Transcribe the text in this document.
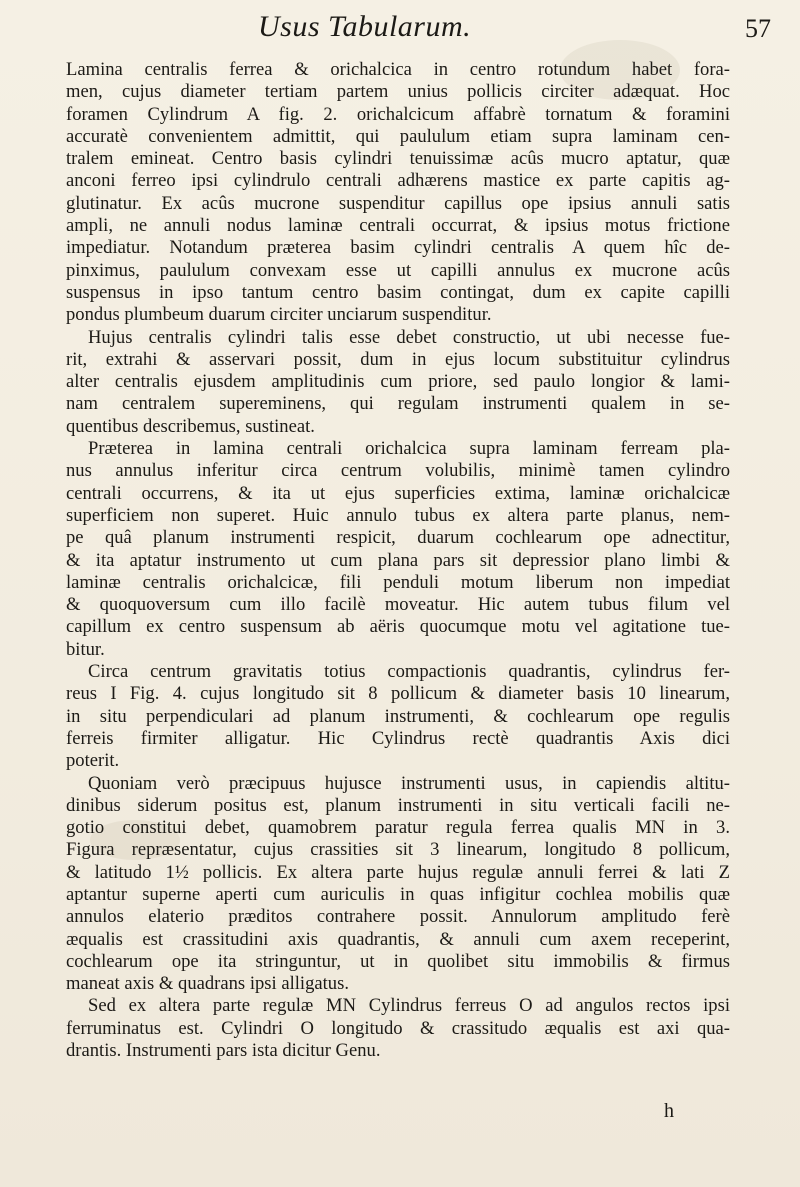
Usus Tabularum.	57
Lamina centralis ferrea & orichalcica in centro rotundum habet fora-
men, cujus diameter tertiam partem unius pollicis circiter adæquat. Hoc
foramen Cylindrum A fig. 2. orichalcicum affabrè tornatum & foramini
accuratè convenientem admittit, qui paululum etiam supra laminam cen-
tralem emineat. Centro basis cylindri tenuissimæ acûs mucro aptatur, quæ
anconi ferreo ipsi cylindrulo centrali adhærens mastice ex parte capitis ag-
glutinatur. Ex acûs mucrone suspenditur capillus ope ipsius annuli satis
ampli, ne annuli nodus laminæ centrali occurrat, & ipsius motus frictione
impediatur. Notandum præterea basim cylindri centralis A quem hîc de-
pinximus, paululum convexam esse ut capilli annulus ex mucrone acûs
suspensus in ipso tantum centro basim contingat, dum ex capite capilli
pondus plumbeum duarum circiter unciarum suspenditur.
Hujus centralis cylindri talis esse debet constructio, ut ubi necesse fue-
rit, extrahi & asservari possit, dum in ejus locum substituitur cylindrus
alter centralis ejusdem amplitudinis cum priore, sed paulo longior & lami-
nam centralem supereminens, qui regulam instrumenti qualem in se-
quentibus describemus, sustineat.
Præterea in lamina centrali orichalcica supra laminam ferream pla-
nus annulus inferitur circa centrum volubilis, minimè tamen cylindro
centrali occurrens, & ita ut ejus superficies extima, laminæ orichalcicæ
superficiem non superet. Huic annulo tubus ex altera parte planus, nem-
pe quâ planum instrumenti respicit, duarum cochlearum ope adnectitur,
& ita aptatur instrumento ut cum plana pars sit depressior plano limbi &
laminæ centralis orichalcicæ, fili penduli motum liberum non impediat
& quoquoversum cum illo facilè moveatur. Hic autem tubus filum vel
capillum ex centro suspensum ab aëris quocumque motu vel agitatione tue-
bitur.
Circa centrum gravitatis totius compactionis quadrantis, cylindrus fer-
reus I Fig. 4. cujus longitudo sit 8 pollicum & diameter basis 10 linearum,
in situ perpendiculari ad planum instrumenti, & cochlearum ope regulis
ferreis firmiter alligatur. Hic Cylindrus rectè quadrantis Axis dici
poterit.
Quoniam verò præcipuus hujusce instrumenti usus, in capiendis altitu-
dinibus siderum positus est, planum instrumenti in situ verticali facili ne-
gotio constitui debet, quamobrem paratur regula ferrea qualis MN in 3.
Figura repræsentatur, cujus crassities sit 3 linearum, longitudo 8 pollicum,
& latitudo 1½ pollicis. Ex altera parte hujus regulæ annuli ferrei & lati Z
aptantur superne aperti cum auriculis in quas infigitur cochlea mobilis quæ
annulos elaterio præditos contrahere possit. Annulorum amplitudo ferè
æqualis est crassitudini axis quadrantis, & annuli cum axem receperint,
cochlearum ope ita stringuntur, ut in quolibet situ immobilis & firmus
maneat axis & quadrans ipsi alligatus.
Sed ex altera parte regulæ MN Cylindrus ferreus O ad angulos rectos ipsi
ferruminatus est. Cylindri O longitudo & crassitudo æqualis est axi qua-
drantis. Instrumenti pars ista dicitur Genu.
h
